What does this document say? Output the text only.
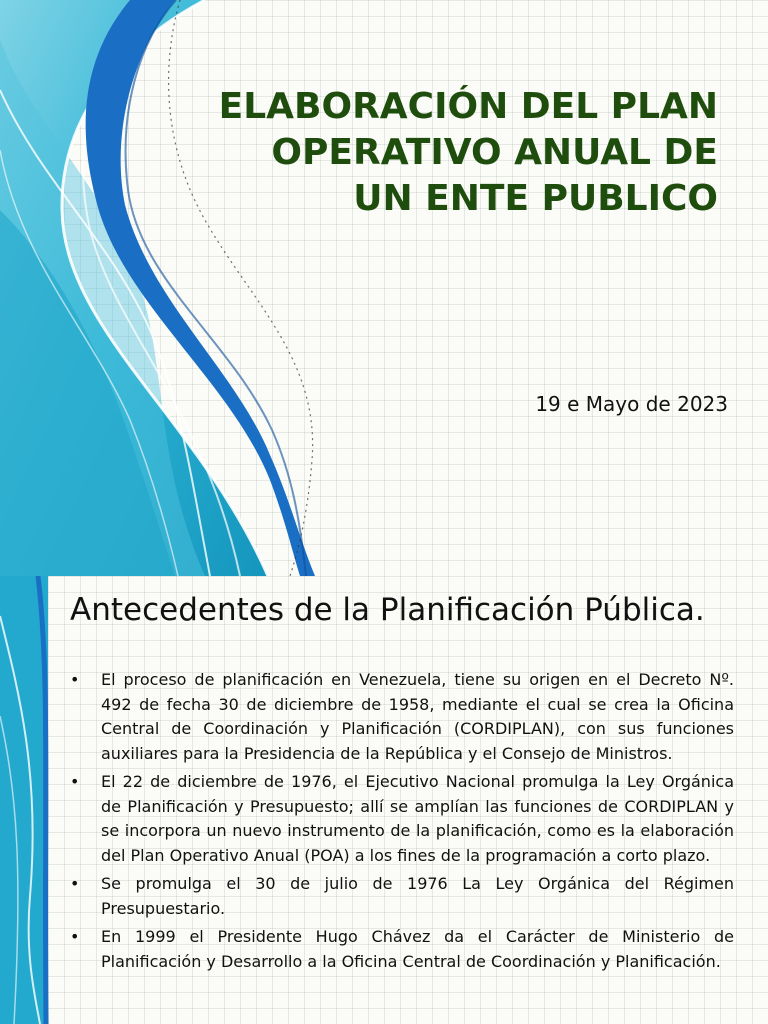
ELABORACIÓN DEL PLAN
OPERATIVO ANUAL DE
UN ENTE PUBLICO
19 e Mayo de 2023
Antecedentes de la Planificación Pública.
• El proceso de planificación en Venezuela, tiene su origen en el Decreto Nº. 492 de fecha 30 de diciembre de 1958, mediante el cual se crea la Oficina Central de Coordinación y Planificación (CORDIPLAN), con sus funciones auxiliares para la Presidencia de la República y el Consejo de Ministros.
• El 22 de diciembre de 1976, el Ejecutivo Nacional promulga la Ley Orgánica de Planificación y Presupuesto; allí se amplían las funciones de CORDIPLAN y se incorpora un nuevo instrumento de la planificación, como es la elaboración del Plan Operativo Anual (POA) a los fines de la programación a corto plazo.
• Se promulga el 30 de julio de 1976 La Ley Orgánica del Régimen Presupuestario.
• En 1999 el Presidente Hugo Chávez da el Carácter de Ministerio de Planificación y Desarrollo a la Oficina Central de Coordinación y Planificación.
